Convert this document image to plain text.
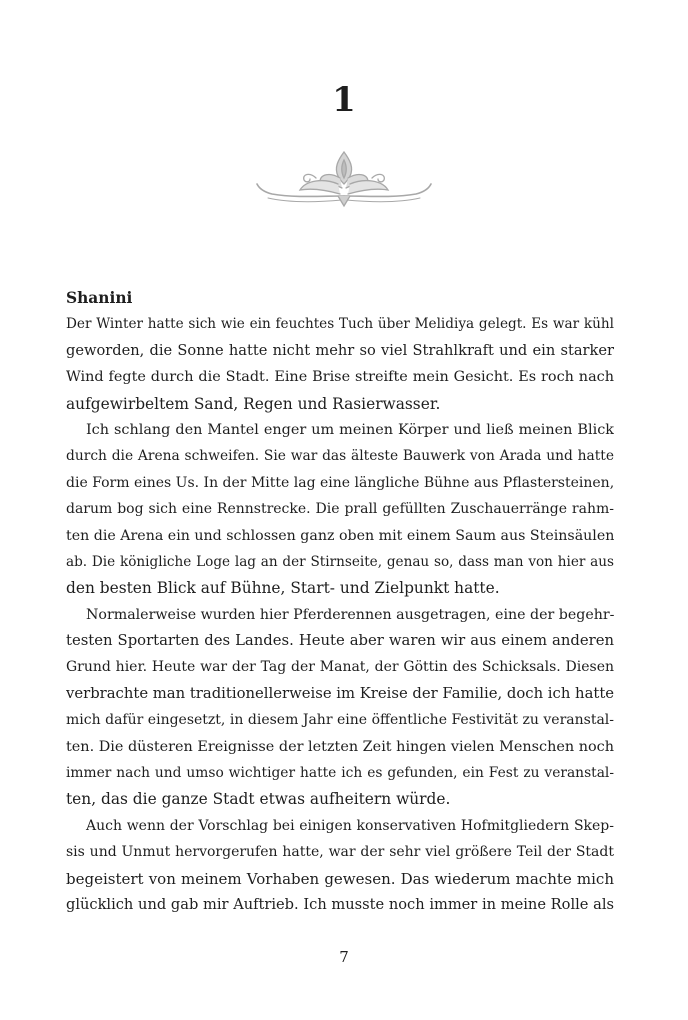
1

Shanini

Der Winter hatte sich wie ein feuchtes Tuch über Melidiya gelegt. Es war kühl
geworden, die Sonne hatte nicht mehr so viel Strahlkraft und ein starker
Wind fegte durch die Stadt. Eine Brise streifte mein Gesicht. Es roch nach
aufgewirbeltem Sand, Regen und Rasierwasser.
Ich schlang den Mantel enger um meinen Körper und ließ meinen Blick
durch die Arena schweifen. Sie war das älteste Bauwerk von Arada und hatte
die Form eines Us. In der Mitte lag eine längliche Bühne aus Pflastersteinen,
darum bog sich eine Rennstrecke. Die prall gefüllten Zuschauerränge rahm-
ten die Arena ein und schlossen ganz oben mit einem Saum aus Steinsäulen
ab. Die königliche Loge lag an der Stirnseite, genau so, dass man von hier aus
den besten Blick auf Bühne, Start- und Zielpunkt hatte.
Normalerweise wurden hier Pferderennen ausgetragen, eine der begehr-
testen Sportarten des Landes. Heute aber waren wir aus einem anderen
Grund hier. Heute war der Tag der Manat, der Göttin des Schicksals. Diesen
verbrachte man traditionellerweise im Kreise der Familie, doch ich hatte
mich dafür eingesetzt, in diesem Jahr eine öffentliche Festivität zu veranstal-
ten. Die düsteren Ereignisse der letzten Zeit hingen vielen Menschen noch
immer nach und umso wichtiger hatte ich es gefunden, ein Fest zu veranstal-
ten, das die ganze Stadt etwas aufheitern würde.
Auch wenn der Vorschlag bei einigen konservativen Hofmitgliedern Skep-
sis und Unmut hervorgerufen hatte, war der sehr viel größere Teil der Stadt
begeistert von meinem Vorhaben gewesen. Das wiederum machte mich
glücklich und gab mir Auftrieb. Ich musste noch immer in meine Rolle als
7
